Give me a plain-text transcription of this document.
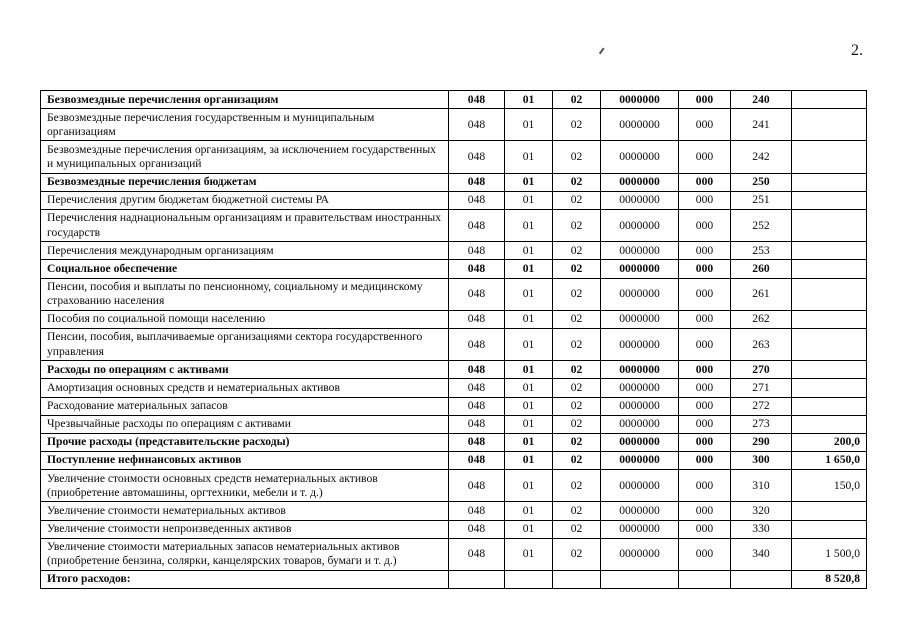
2.
Безвозмездные перечисления организациям	048	01	02	0000000	000	240	
Безвозмездные перечисления государственным и муниципальным организациям	048	01	02	0000000	000	241	
Безвозмездные перечисления организациям, за исключением государственных и муниципальных организаций	048	01	02	0000000	000	242	
Безвозмездные перечисления бюджетам	048	01	02	0000000	000	250	
Перечисления другим бюджетам бюджетной системы РА	048	01	02	0000000	000	251	
Перечисления наднациональным организациям и правительствам иностранных государств	048	01	02	0000000	000	252	
Перечисления международным организациям	048	01	02	0000000	000	253	
Социальное обеспечение	048	01	02	0000000	000	260	
Пенсии, пособия и выплаты по пенсионному, социальному и медицинскому страхованию населения	048	01	02	0000000	000	261	
Пособия по социальной помощи населению	048	01	02	0000000	000	262	
Пенсии, пособия, выплачиваемые организациями сектора государственного управления	048	01	02	0000000	000	263	
Расходы по операциям с активами	048	01	02	0000000	000	270	
Амортизация основных средств и нематериальных активов	048	01	02	0000000	000	271	
Расходование материальных запасов	048	01	02	0000000	000	272	
Чрезвычайные расходы по операциям с активами	048	01	02	0000000	000	273	
Прочие расходы (представительские расходы)	048	01	02	0000000	000	290	200,0
Поступление нефинансовых активов	048	01	02	0000000	000	300	1 650,0
Увеличение стоимости основных средств нематериальных активов (приобретение автомашины, оргтехники, мебели и т. д.)	048	01	02	0000000	000	310	150,0
Увеличение стоимости нематериальных активов	048	01	02	0000000	000	320	
Увеличение стоимости непроизведенных активов	048	01	02	0000000	000	330	
Увеличение стоимости материальных запасов нематериальных активов (приобретение бензина, солярки, канцелярских товаров, бумаги и т. д.)	048	01	02	0000000	000	340	1 500,0
Итого расходов:							8 520,8
